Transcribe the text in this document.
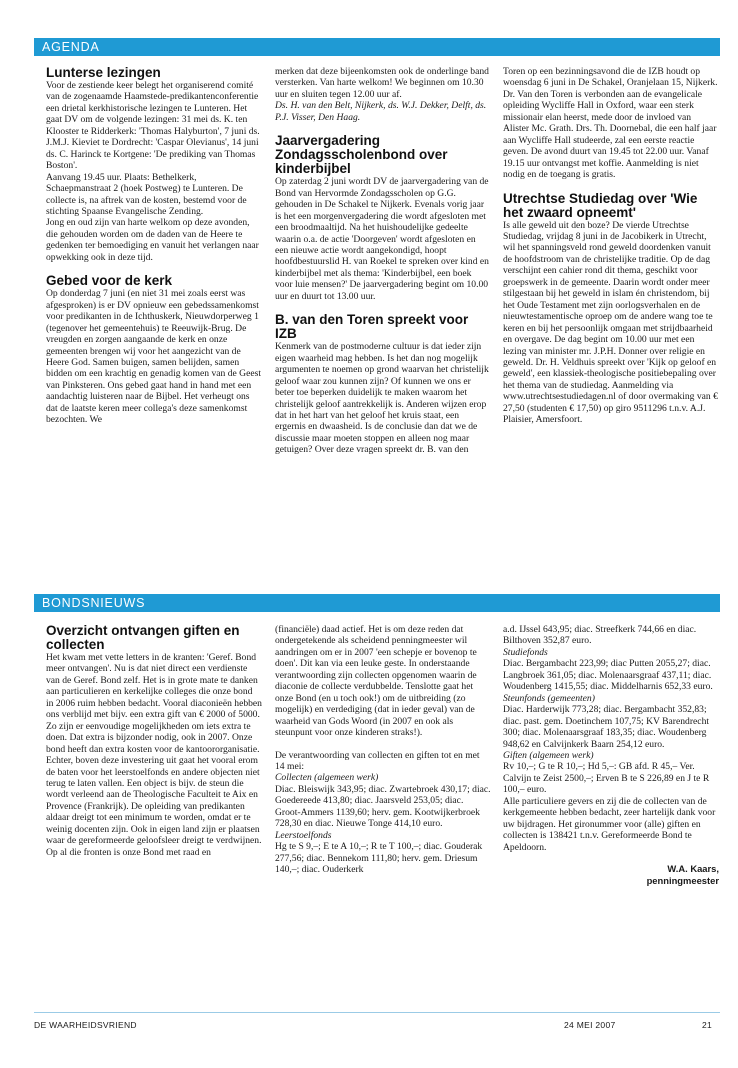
AGENDA

Lunterse lezingen

Voor de zestiende keer belegt het organiserend comité van de zogenaamde Haamstede-predikantenconferentie een drietal kerkhistorische lezingen te Lunteren. Het gaat DV om de volgende lezingen: 31 mei ds. K. ten Klooster te Ridderkerk: 'Thomas Halyburton', 7 juni ds. J.M.J. Kieviet te Dordrecht: 'Caspar Olevianus', 14 juni ds. C. Harinck te Kortgene: 'De prediking van Thomas Boston'.

Aanvang 19.45 uur. Plaats: Bethelkerk, Schaepmanstraat 2 (hoek Postweg) te Lunteren. De collecte is, na aftrek van de kosten, bestemd voor de stichting Spaanse Evangelische Zending.

Jong en oud zijn van harte welkom op deze avonden, die gehouden worden om de daden van de Heere te gedenken ter bemoediging en vanuit het verlangen naar opwekking ook in deze tijd.

Gebed voor de kerk

Op donderdag 7 juni (en niet 31 mei zoals eerst was afgesproken) is er DV opnieuw een gebedssamenkomst voor predikanten in de Ichthuskerk, Nieuwdorperweg 1 (tegenover het gemeentehuis) te Reeuwijk-Brug. De vreugden en zorgen aangaande de kerk en onze gemeenten brengen wij voor het aangezicht van de Heere God. Samen buigen, samen belijden, samen bidden om een krachtig en genadig komen van de Geest van Pinksteren. Ons gebed gaat hand in hand met een aandachtig luisteren naar de Bijbel. Het verheugt ons dat de laatste keren meer collega's deze samenkomst bezochten. We

merken dat deze bijeenkomsten ook de onderlinge band versterken. Van harte welkom! We beginnen om 10.30 uur en sluiten tegen 12.00 uur af.

Ds. H. van den Belt, Nijkerk, ds. W.J. Dekker, Delft, ds. P.J. Visser, Den Haag.

Jaarvergadering Zondagsscholenbond over kinderbijbel

Op zaterdag 2 juni wordt DV de jaarvergadering van de Bond van Hervormde Zondagsscholen op G.G. gehouden in De Schakel te Nijkerk. Evenals vorig jaar is het een morgenvergadering die wordt afgesloten met een broodmaaltijd. Na het huishoudelijke gedeelte waarin o.a. de actie 'Doorgeven' wordt afgesloten en een nieuwe actie wordt aangekondigd, hoopt hoofdbestuurslid H. van Roekel te spreken over kind en kinderbijbel met als thema: 'Kinderbijbel, een boek voor luie mensen?' De jaarvergadering begint om 10.00 uur en duurt tot 13.00 uur.

B. van den Toren spreekt voor IZB

Kenmerk van de postmoderne cultuur is dat ieder zijn eigen waarheid mag hebben. Is het dan nog mogelijk argumenten te noemen op grond waarvan het christelijk geloof waar zou kunnen zijn? Of kunnen we ons er beter toe beperken duidelijk te maken waarom het christelijk geloof aantrekkelijk is. Anderen wijzen erop dat in het hart van het geloof het kruis staat, een ergernis en dwaasheid. Is de conclusie dan dat we de discussie maar moeten stoppen en alleen nog maar getuigen? Over deze vragen spreekt dr. B. van den

Toren op een bezinningsavond die de IZB houdt op woensdag 6 juni in De Schakel, Oranjelaan 15, Nijkerk. Dr. Van den Toren is verbonden aan de evangelicale opleiding Wycliffe Hall in Oxford, waar een sterk missionair elan heerst, mede door de invloed van Alister Mc. Grath. Drs. Th. Doornebal, die een half jaar aan Wycliffe Hall studeerde, zal een eerste reactie geven. De avond duurt van 19.45 tot 22.00 uur. Vanaf 19.15 uur ontvangst met koffie. Aanmelding is niet nodig en de toegang is gratis.

Utrechtse Studiedag over 'Wie het zwaard opneemt'

Is alle geweld uit den boze? De vierde Utrechtse Studiedag, vrijdag 8 juni in de Jacobikerk in Utrecht, wil het spanningsveld rond geweld doordenken vanuit de hoofdstroom van de christelijke traditie. Op de dag verschijnt een cahier rond dit thema, geschikt voor groepswerk in de gemeente. Daarin wordt onder meer stilgestaan bij het geweld in islam én christendom, bij het Oude Testament met zijn oorlogsverhalen en de nieuwtestamentische oproep om de andere wang toe te keren en bij het persoonlijk omgaan met strijdbaarheid en overgave. De dag begint om 10.00 uur met een lezing van minister mr. J.P.H. Donner over religie en geweld. Dr. H. Veldhuis spreekt over 'Kijk op geloof en geweld', een klassiek-theologische positiebepaling over het thema van de studiedag. Aanmelding via www.utrechtsestudiedagen.nl of door overmaking van € 27,50 (studenten € 17,50) op giro 9511296 t.n.v. A.J. Plaisier, Amersfoort.

BONDSNIEUWS

Overzicht ontvangen giften en collecten

Het kwam met vette letters in de kranten: 'Geref. Bond meer ontvangen'. Nu is dat niet direct een verdienste van de Geref. Bond zelf. Het is in grote mate te danken aan particulieren en kerkelijke colleges die onze bond in 2006 ruim hebben bedacht. Vooral diaconieën hebben ons verblijd met bijv. een extra gift van € 2000 of 5000. Zo zijn er eenvoudige mogelijkheden om iets extra te doen. Dat extra is bijzonder nodig, ook in 2007. Onze bond heeft dan extra kosten voor de kantoororganisatie. Echter, boven deze investering uit gaat het vooral erom de baten voor het leerstoelfonds en andere objecten niet terug te laten vallen. Een object is bijv. de steun die wordt verleend aan de Theologische Faculteit te Aix en Provence (Frankrijk). De opleiding van predikanten aldaar dreigt tot een minimum te worden, omdat er te weinig docenten zijn. Ook in eigen land zijn er plaatsen waar de gereformeerde geloofsleer dreigt te verdwijnen. Op al die fronten is onze Bond met raad en

(financiële) daad actief. Het is om deze reden dat ondergetekende als scheidend penningmeester wil aandringen om er in 2007 'een schepje er bovenop te doen'. Dit kan via een leuke geste. In onderstaande verantwoording zijn collecten opgenomen waarin de diaconie de collecte verdubbelde. Tenslotte gaat het onze Bond (en u toch ook!) om de uitbreiding (zo mogelijk) en verdediging (dat in ieder geval) van de waarheid van Gods Woord (in 2007 en ook als steunpunt voor onze kinderen straks!).

De verantwoording van collecten en giften tot en met 14 mei:

Collecten (algemeen werk)

Diac. Bleiswijk 343,95; diac. Zwartebroek 430,17; diac. Goedereede 413,80; diac. Jaarsveld 253,05; diac. Groot-Ammers 1139,60; herv. gem. Kootwijkerbroek 728,30 en diac. Nieuwe Tonge 414,10 euro.

Leerstoelfonds

Hg te S 9,–; E te A 10,–; R te T 100,–; diac. Gouderak 277,56; diac. Bennekom 111,80; herv. gem. Driesum 140,–; diac. Ouderkerk

a.d. IJssel 643,95; diac. Streefkerk 744,66 en diac. Bilthoven 352,87 euro.

Studiefonds

Diac. Bergambacht 223,99; diac Putten 2055,27; diac. Langbroek 361,05; diac. Molenaarsgraaf 437,11; diac. Woudenberg 1415,55; diac. Middelharnis 652,33 euro.

Steunfonds (gemeenten)

Diac. Harderwijk 773,28; diac. Bergambacht 352,83; diac. past. gem. Doetinchem 107,75; KV Barendrecht 300; diac. Molenaarsgraaf 183,35; diac. Woudenberg 948,62 en Calvijnkerk Baarn 254,12 euro.

Giften (algemeen werk)

Rv 10,–; G te R 10,–; Hd 5,–: GB afd. R 45,– Ver. Calvijn te Zeist 2500,–; Erven B te S 226,89 en J te R 100,– euro.

Alle particuliere gevers en zij die de collecten van de kerkgemeente hebben bedacht, zeer hartelijk dank voor uw bijdragen. Het gironummer voor (alle) giften en collecten is 138421 t.n.v. Gereformeerde Bond te Apeldoorn.

W.A. Kaars,

penningmeester

DE WAARHEIDSVRIEND	24 MEI 2007	21
